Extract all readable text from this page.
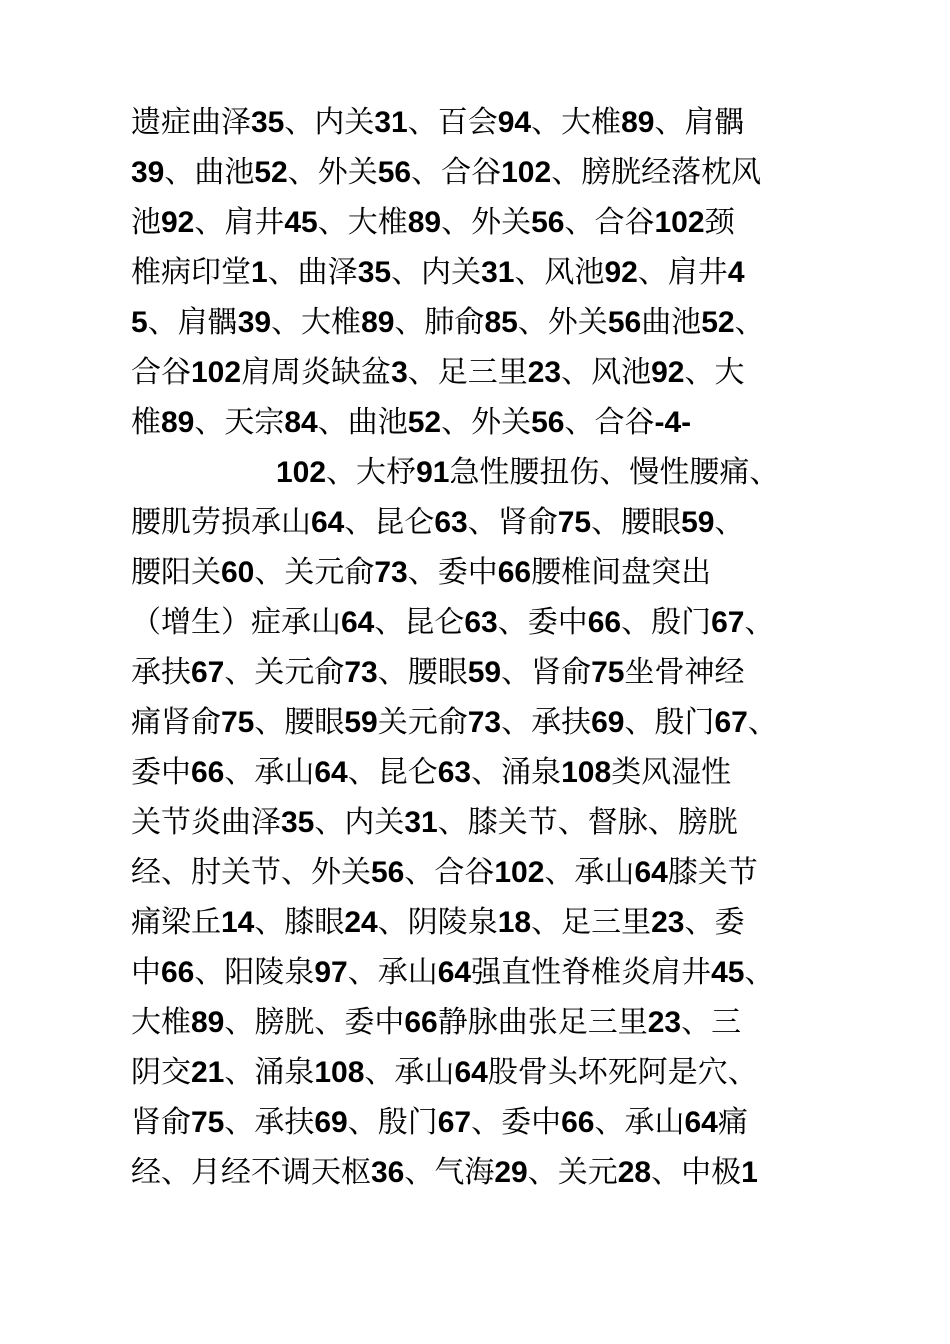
遗症曲泽35、内关31、百会94、大椎89、肩髃
39、曲池52、外关56、合谷102、膀胱经落枕风
池92、肩井45、大椎89、外关56、合谷102颈
椎病印堂1、曲泽35、内关31、风池92、肩井4
5、肩髃39、大椎89、肺俞85、外关56曲池52、
合谷102肩周炎缺盆3、足三里23、风池92、大
椎89、天宗84、曲池52、外关56、合谷-4-
102、大杼91急性腰扭伤、慢性腰痛、
腰肌劳损承山64、昆仑63、肾俞75、腰眼59、
腰阳关60、关元俞73、委中66腰椎间盘突出
（增生）症承山64、昆仑63、委中66、殷门67、
承扶67、关元俞73、腰眼59、肾俞75坐骨神经
痛肾俞75、腰眼59关元俞73、承扶69、殷门67、
委中66、承山64、昆仑63、涌泉108类风湿性
关节炎曲泽35、内关31、膝关节、督脉、膀胱
经、肘关节、外关56、合谷102、承山64膝关节
痛梁丘14、膝眼24、阴陵泉18、足三里23、委
中66、阳陵泉97、承山64强直性脊椎炎肩井45、
大椎89、膀胱、委中66静脉曲张足三里23、三
阴交21、涌泉108、承山64股骨头坏死阿是穴、
肾俞75、承扶69、殷门67、委中66、承山64痛
经、月经不调天枢36、气海29、关元28、中极1
